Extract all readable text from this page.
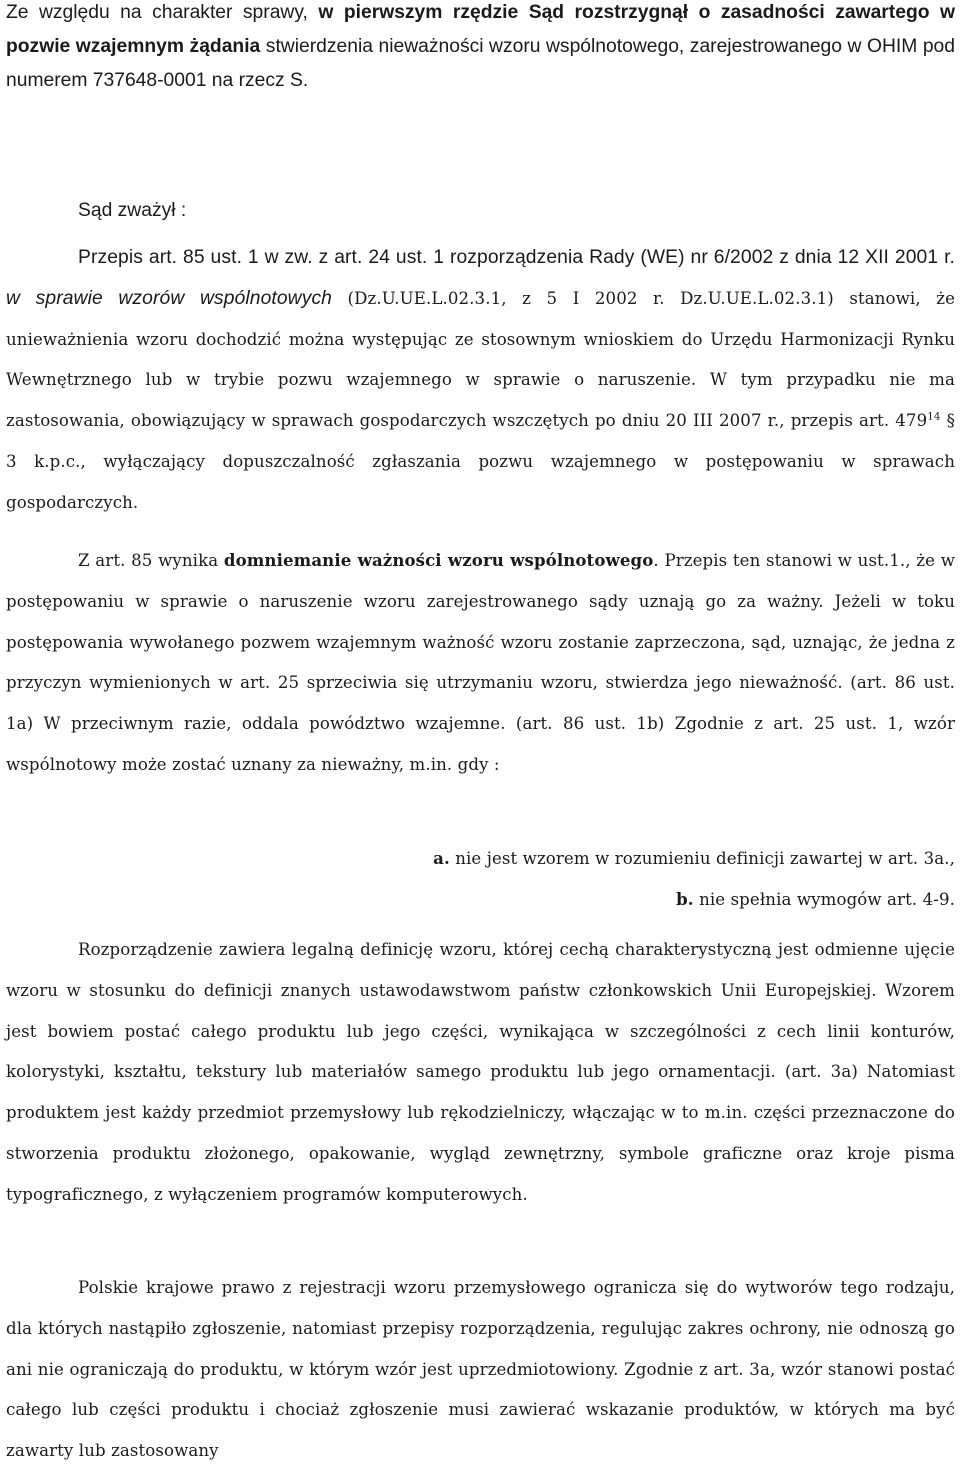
Ze względu na charakter sprawy, w pierwszym rzędzie Sąd rozstrzygnął o zasadności zawartego w pozwie wzajemnym żądania stwierdzenia nieważności wzoru wspólnotowego, zarejestrowanego w OHIM pod numerem 737648-0001 na rzecz S.

Sąd zważył :

Przepis art. 85 ust. 1 w zw. z art. 24 ust. 1 rozporządzenia Rady (WE) nr 6/2002 z dnia 12 XII 2001 r. w sprawie wzorów wspólnotowych (Dz.U.UE.L.02.3.1, z 5 I 2002 r. Dz.U.UE.L.02.3.1) stanowi, że unieważnienia wzoru dochodzić można występując ze stosownym wnioskiem do Urzędu Harmonizacji Rynku Wewnętrznego lub w trybie pozwu wzajemnego w sprawie o naruszenie. W tym przypadku nie ma zastosowania, obowiązujący w sprawach gospodarczych wszczętych po dniu 20 III 2007 r., przepis art. $479^{14}$ § 3 k.p.c., wyłączający dopuszczalność zgłaszania pozwu wzajemnego w postępowaniu w sprawach gospodarczych.

Z art. 85 wynika domniemanie ważności wzoru wspólnotowego. Przepis ten stanowi w ust.1., że w postępowaniu w sprawie o naruszenie wzoru zarejestrowanego sądy uznają go za ważny. Jeżeli w toku postępowania wywołanego pozwem wzajemnym ważność wzoru zostanie zaprzeczona, sąd, uznając, że jedna z przyczyn wymienionych w art. 25 sprzeciwia się utrzymaniu wzoru, stwierdza jego nieważność. (art. 86 ust. 1a) W przeciwnym razie, oddala powództwo wzajemne. (art. 86 ust. 1b) Zgodnie z art. 25 ust. 1, wzór wspólnotowy może zostać uznany za nieważny, m.in. gdy :

a. nie jest wzorem w rozumieniu definicji zawartej w art. 3a.,
b. nie spełnia wymogów art. 4-9.

Rozporządzenie zawiera legalną definicję wzoru, której cechą charakterystyczną jest odmienne ujęcie wzoru w stosunku do definicji znanych ustawodawstwom państw członkowskich Unii Europejskiej. Wzorem jest bowiem postać całego produktu lub jego części, wynikająca w szczególności z cech linii konturów, kolorystyki, kształtu, tekstury lub materiałów samego produktu lub jego ornamentacji. (art. 3a) Natomiast produktem jest każdy przedmiot przemysłowy lub rękodzielniczy, włączając w to m.in. części przeznaczone do stworzenia produktu złożonego, opakowanie, wygląd zewnętrzny, symbole graficzne oraz kroje pisma typograficznego, z wyłączeniem programów komputerowych.

Polskie krajowe prawo z rejestracji wzoru przemysłowego ogranicza się do wytworów tego rodzaju, dla których nastąpiło zgłoszenie, natomiast przepisy rozporządzenia, regulując zakres ochrony, nie odnoszą go ani nie ograniczają do produktu, w którym wzór jest uprzedmiotowiony. Zgodnie z art. 3a, wzór stanowi postać całego lub części produktu i chociaż zgłoszenie musi zawierać wskazanie produktów, w których ma być zawarty lub zastosowany
